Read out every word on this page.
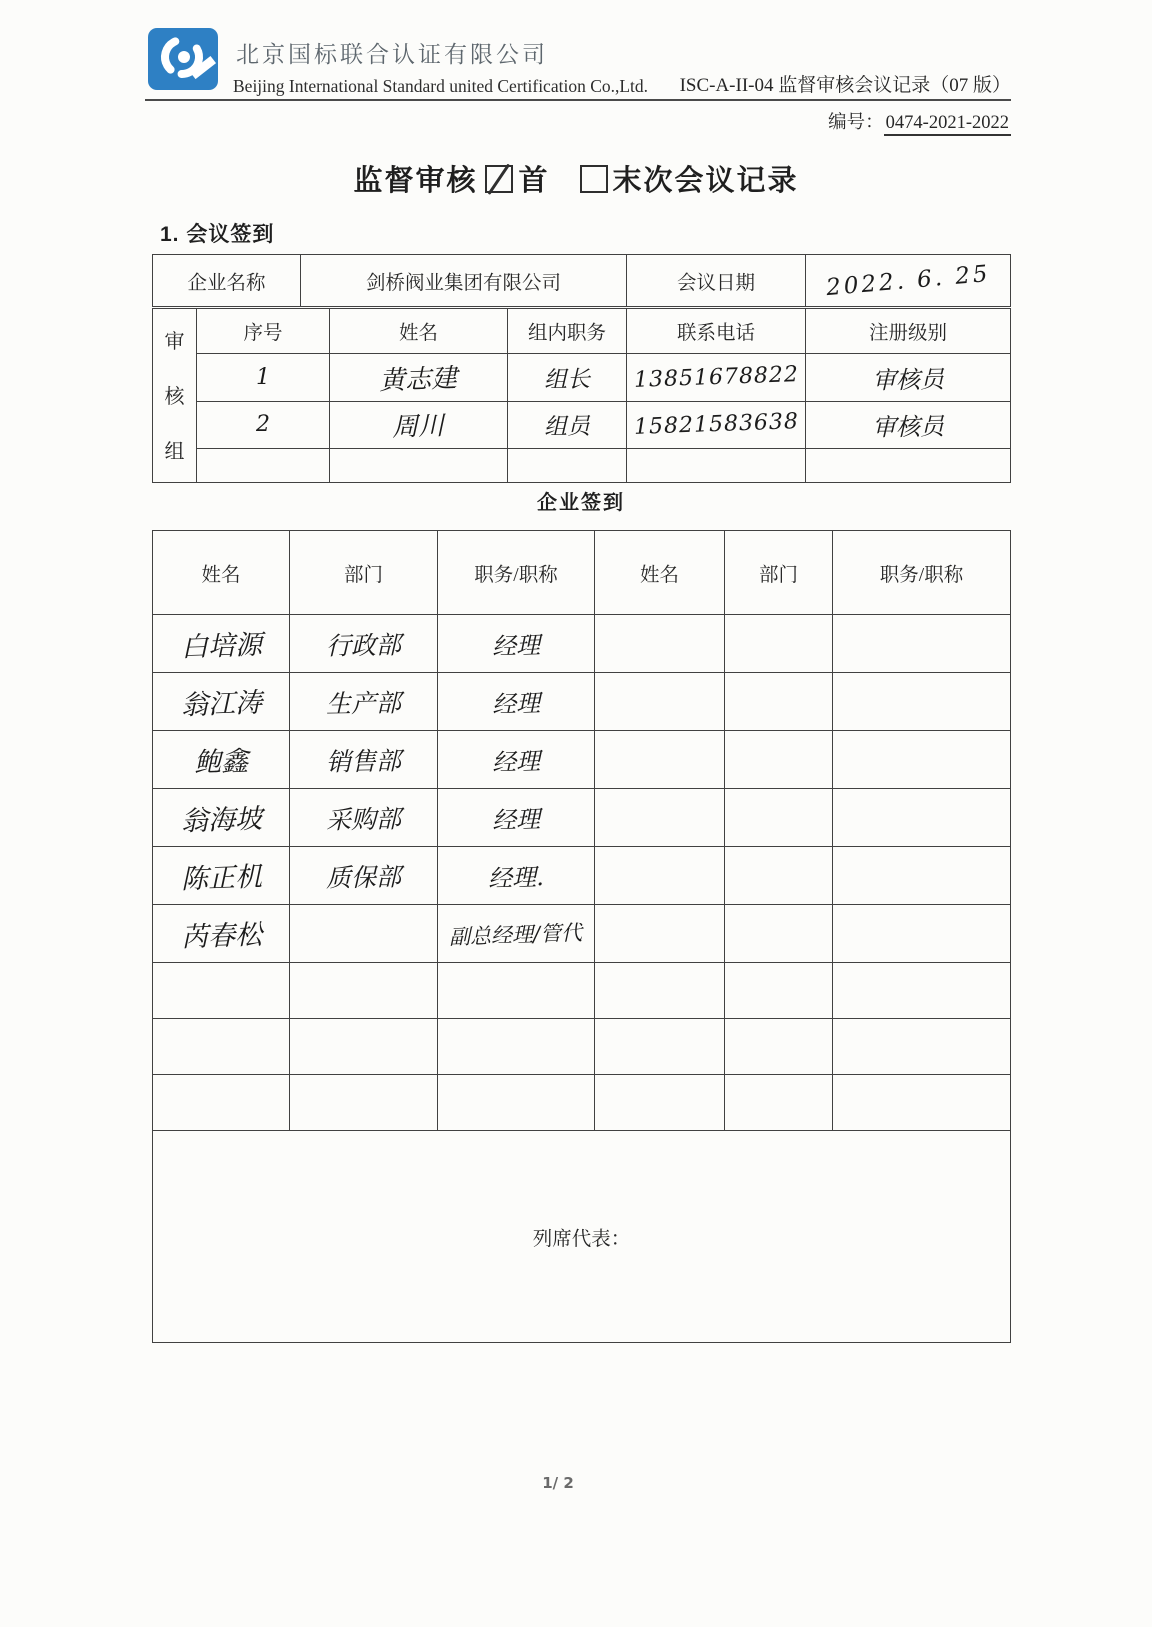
北京国标联合认证有限公司
Beijing International Standard united Certification Co.,Ltd. ISC-A-II-04 监督审核会议记录（07 版）
编号： 0474-2021-2022
监督审核 首 末次会议记录
1. 会议签到
企业名称	剑桥阀业集团有限公司	会议日期	2022. 6. 25
审核组	序号	姓名	组内职务	联系电话	注册级别
	1	黄志建	组长	13851678822	审核员
	2	周川	组员	15821583638	审核员

企业签到
姓名	部门	职务/职称	姓名	部门	职务/职称
白培源	行政部	经理			
翁江涛	生产部	经理			
鲍鑫	销售部	经理			
翁海坡	采购部	经理			
陈正机	质保部	经理.			
芮春松		副总经理/管代			

列席代表：					
1/ 2
